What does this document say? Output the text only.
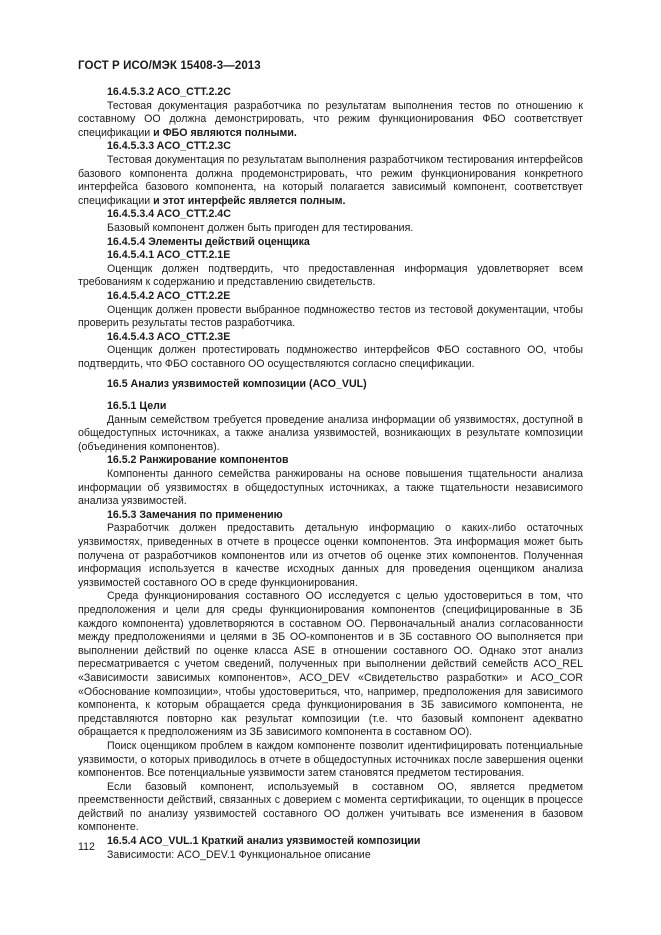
ГОСТ Р ИСО/МЭК 15408-3—2013
16.4.5.3.2 ACO_CTT.2.2C

Тестовая документация разработчика по результатам выполнения тестов по отношению к составному ОО должна демонстрировать, что режим функционирования ФБО соответствует спецификации и ФБО являются полными.

16.4.5.3.3 ACO_CTT.2.3C

Тестовая документация по результатам выполнения разработчиком тестирования интерфейсов базового компонента должна продемонстрировать, что режим функционирования конкретного интерфейса базового компонента, на который полагается зависимый компонент, соответствует спецификации и этот интерфейс является полным.

16.4.5.3.4 ACO_CTT.2.4C

Базовый компонент должен быть пригоден для тестирования.

16.4.5.4 Элементы действий оценщика
16.4.5.4.1 ACO_CTT.2.1E

Оценщик должен подтвердить, что предоставленная информация удовлетворяет всем требованиям к содержанию и представлению свидетельств.

16.4.5.4.2 ACO_CTT.2.2E

Оценщик должен провести выбранное подмножество тестов из тестовой документации, чтобы проверить результаты тестов разработчика.

16.4.5.4.3 ACO_CTT.2.3E

Оценщик должен протестировать подмножество интерфейсов ФБО составного ОО, чтобы подтвердить, что ФБО составного ОО осуществляются согласно спецификации.

16.5 Анализ уязвимостей композиции (ACO_VUL)
16.5.1 Цели

Данным семейством требуется проведение анализа информации об уязвимостях, доступной в общедоступных источниках, а также анализа уязвимостей, возникающих в результате композиции (объединения компонентов).

16.5.2 Ранжирование компонентов

Компоненты данного семейства ранжированы на основе повышения тщательности анализа информации об уязвимостях в общедоступных источниках, а также тщательности независимого анализа уязвимостей.

16.5.3 Замечания по применению

Разработчик должен предоставить детальную информацию о каких-либо остаточных уязвимостях, приведенных в отчете в процессе оценки компонентов. Эта информация может быть получена от разработчиков компонентов или из отчетов об оценке этих компонентов. Полученная информация используется в качестве исходных данных для проведения оценщиком анализа уязвимостей составного ОО в среде функционирования.

Среда функционирования составного ОО исследуется с целью удостовериться в том, что предположения и цели для среды функционирования компонентов (специфицированные в ЗБ каждого компонента) удовлетворяются в составном ОО. Первоначальный анализ согласованности между предположениями и целями в ЗБ ОО-компонентов и в ЗБ составного ОО выполняется при выполнении действий по оценке класса ASE в отношении составного ОО. Однако этот анализ пересматривается с учетом сведений, полученных при выполнении действий семейств ACO_REL «Зависимости зависимых компонентов», ACO_DEV «Свидетельство разработки» и ACO_COR «Обоснование композиции», чтобы удостовериться, что, например, предположения для зависимого компонента, к которым обращается среда функционирования в ЗБ зависимого компонента, не представляются повторно как результат композиции (т.е. что базовый компонент адекватно обращается к предположениям из ЗБ зависимого компонента в составном ОО).

Поиск оценщиком проблем в каждом компоненте позволит идентифицировать потенциальные уязвимости, о которых приводилось в отчете в общедоступных источниках после завершения оценки компонентов. Все потенциальные уязвимости затем становятся предметом тестирования.

Если базовый компонент, используемый в составном ОО, является предметом преемственности действий, связанных с доверием с момента сертификации, то оценщик в процессе действий по анализу уязвимостей составного ОО должен учитывать все изменения в базовом компоненте.

16.5.4 ACO_VUL.1 Краткий анализ уязвимостей композиции

Зависимости: ACO_DEV.1 Функциональное описание

112
